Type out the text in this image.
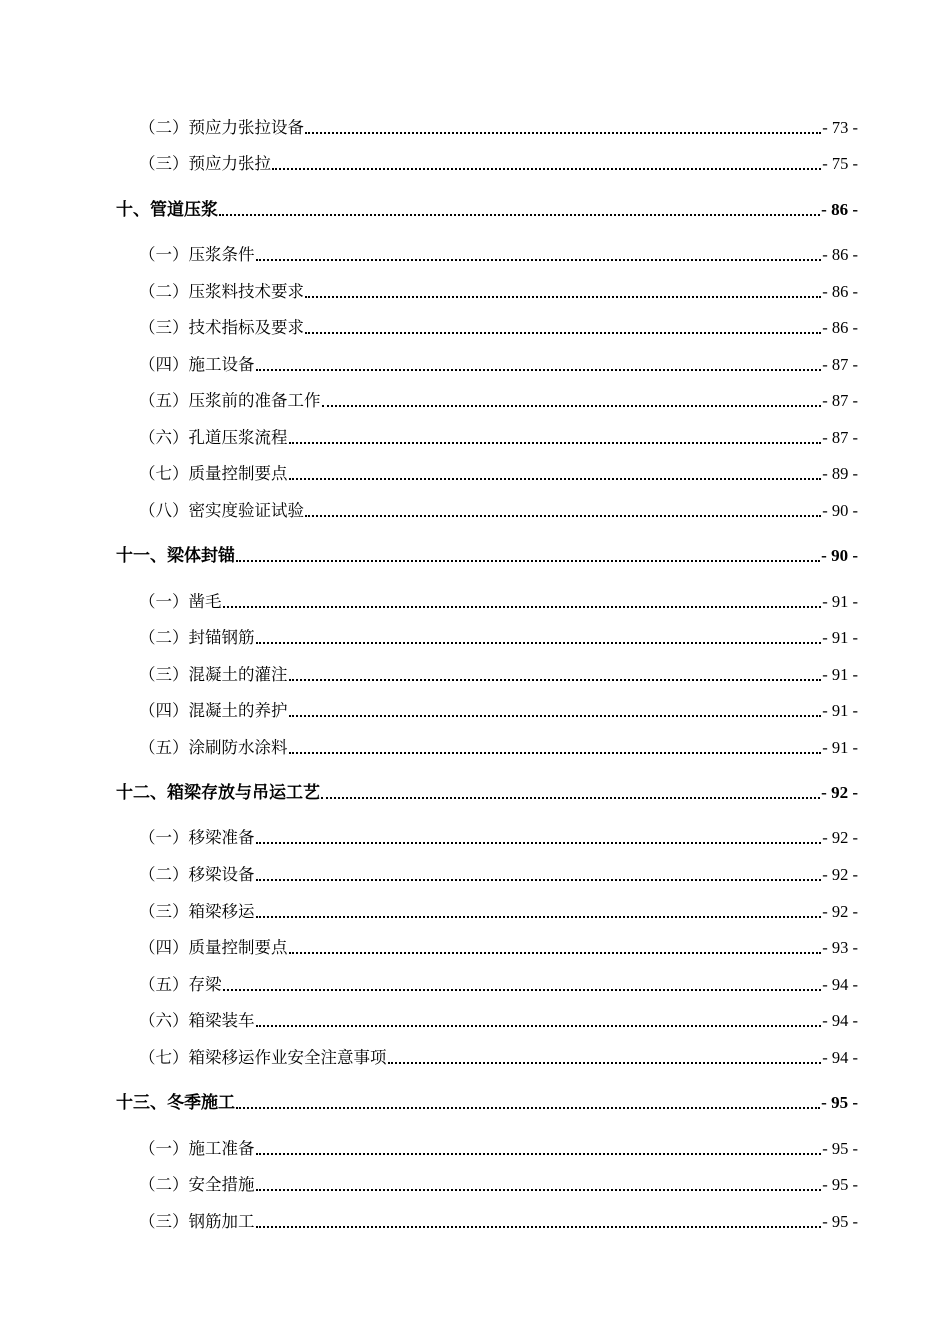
（二）预应力张拉设备	- 73 -
（三）预应力张拉	- 75 -
十、管道压浆	- 86 -
（一）压浆条件	- 86 -
（二）压浆料技术要求	- 86 -
（三）技术指标及要求	- 86 -
（四）施工设备	- 87 -
（五）压浆前的准备工作	- 87 -
（六）孔道压浆流程	- 87 -
（七）质量控制要点	- 89 -
（八）密实度验证试验	- 90 -
十一、梁体封锚	- 90 -
（一）凿毛	- 91 -
（二）封锚钢筋	- 91 -
（三）混凝土的灌注	- 91 -
（四）混凝土的养护	- 91 -
（五）涂刷防水涂料	- 91 -
十二、箱梁存放与吊运工艺	- 92 -
（一）移梁准备	- 92 -
（二）移梁设备	- 92 -
（三）箱梁移运	- 92 -
（四）质量控制要点	- 93 -
（五）存梁	- 94 -
（六）箱梁装车	- 94 -
（七）箱梁移运作业安全注意事项	- 94 -
十三、冬季施工	- 95 -
（一）施工准备	- 95 -
（二）安全措施	- 95 -
（三）钢筋加工	- 95 -
